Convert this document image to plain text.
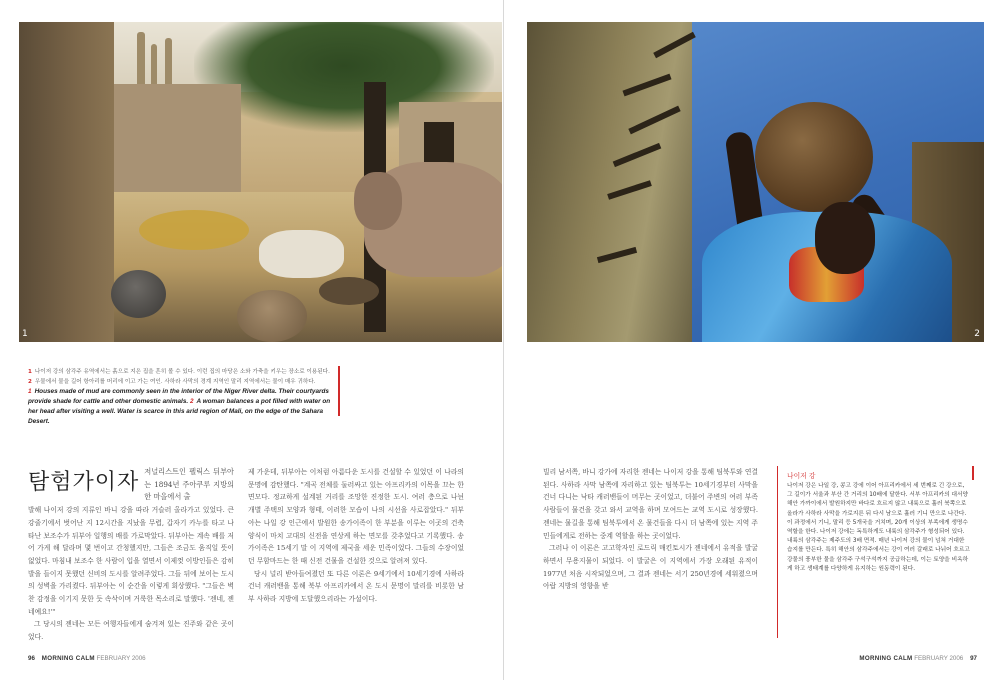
1	2
1 나이저 강의 삼각주 유역에서는 흙으로 지은 집을 흔히 볼 수 있다. 이런 집의 마당은 소와 가축을 키우는 장소로 이용된다. 2 우물에서 물을 길어 항아리를 머리에 이고 가는 여인. 사하라 사막의 경계 지역인 말리 지역에서는 물이 매우 귀하다.
1 Houses made of mud are commonly seen in the interior of the Niger River delta. Their courtyards provide shade for cattle and other domestic animals. 2 A woman balances a pot filled with water on her head after visiting a well. Water is scarce in this arid region of Mali, on the edge of the Sahara Desert.
탐험가이자 저널리스트인 펠릭스 뒤부아는 1894년 주아쿠루 지방의 한 마을에서 출

발해 나이저 강의 지류인 바니 강을 따라 거슬러 올라가고 있었다. 큰 강줄기에서 벗어난 지 12시간을 지났을 무렵, 갑자기 카누를 타고 나타난 보조수가 뒤부아 일행의 배를 가로막았다. 뒤부아는 계속 배를 저어 가게 해 달라며 몇 번이고 간청했지만, 그들은 조금도 움직일 뜻이 없었다. 마침내 보조수 한 사람이 입을 열면서 이제껏 이방인들은 감히 발을 들이지 못했던 신비의 도시를 알려주었다. 그들 뒤에 보이는 도시의 성벽을 가리켰다. 뒤부아는 이 순간을 이렇게 회상했다. "그들은 벽찬 감정을 이기지 못한 듯 속삭이며 거룩한 목소리로 말했다. '젠네, 젠네예요!'"

그 당시의 젠네는 모든 여행자들에게 숨겨져 있는 진주와 같은 곳이었다.

제 가운데, 뒤부아는 이처럼 아름다운 도시를 건설할 수 있었던 이 나라의 문명에 감탄했다. "계곡 전체를 둘러싸고 있는 아프리카의 이목을 끄는 한 면모다. 정교하게 설계된 거리를 조망한 진정한 도시. 여러 층으로 나뉜 개별 주택의 모양과 형태, 이러한 모습이 나의 시선을 사로잡았다." 뒤부아는 나일 강 인근에서 발원한 송가이족이 한 부분을 이루는 이곳의 건축 양식이 마치 고대의 신전을 연상케 하는 면모를 갖추었다고 기록했다. 송가이족은 15세기 말 이 지역에 제국을 세운 민족이었다. 그들의 수장이었던 무함마드는 한 때 신전 건물을 건설한 것으로 알려져 있다.

당시 널리 받아들여졌던 또 다른 이론은 9세기에서 10세기경에 사하라 건너 캐러밴을 통해 북부 아프리카에서 온 도시 문명이 말리를 비롯한 남부 사하라 지방에 도달했으리라는 가설이다.

빌리 남서쪽, 바니 강가에 자리한 젠네는 나이저 강을 통해 팀북투와 연결된다. 사하라 사막 남쪽에 자리하고 있는 팀북투는 10세기경부터 사막을 건너 다니는 낙타 캐러밴들이 머무는 곳이었고, 더불어 주변의 여러 부족 사람들이 물건을 갖고 와서 교역을 하며 모여드는 교역 도시로 성장했다. 젠네는 물길을 통해 팀북투에서 온 물건들을 다시 더 남쪽에 있는 지역 주민들에게로 전하는 중계 역할을 하는 곳이었다.

그러나 이 이론은 고고학자인 로드릭 매킨토시가 젠네에서 유적을 발굴하면서 무용지물이 되었다. 이 발굴은 이 지역에서 가장 오래된 유적이 1977년 처음 시작되었으며, 그 결과 젠네는 서기 250년경에 세워졌으며 아랍 지방의 영향을 받

나이저 강

나이저 강은 나일 강, 콩고 강에 이어 아프리카에서 세 번째로 긴 강으로, 그 길이가 서울과 부산 간 거리의 10배에 달한다. 서부 아프리카의 대서양 해안 가까이에서 발원하지만 바다로 흐르지 않고 내륙으로 흘러 북쪽으로 올라가 사하라 사막을 가로지른 뒤 다시 남으로 흘러 기니 만으로 나간다. 이 과정에서 기니, 말리 등 5개국을 거치며, 20개 이상의 부족에게 생명수 역할을 한다. 나이저 강에는 독특하게도 내륙의 삼각주가 형성되어 있다. 내륙의 삼각주는 제주도의 3배 면적. 매년 나이저 강의 물이 넘쳐 거대한 습지를 만든다. 특히 해안의 삼각주에서는 강이 여러 갈래로 나뉘어 흐르고 강물의 풍부한 물을 삼각주 구석구석까지 공급하는데, 이는 토양을 비옥하게 하고 생태계를 다양하게 유지하는 원동력이 된다.

96 MORNING CALM FEBRUARY 2006	MORNING CALM FEBRUARY 2006 97
